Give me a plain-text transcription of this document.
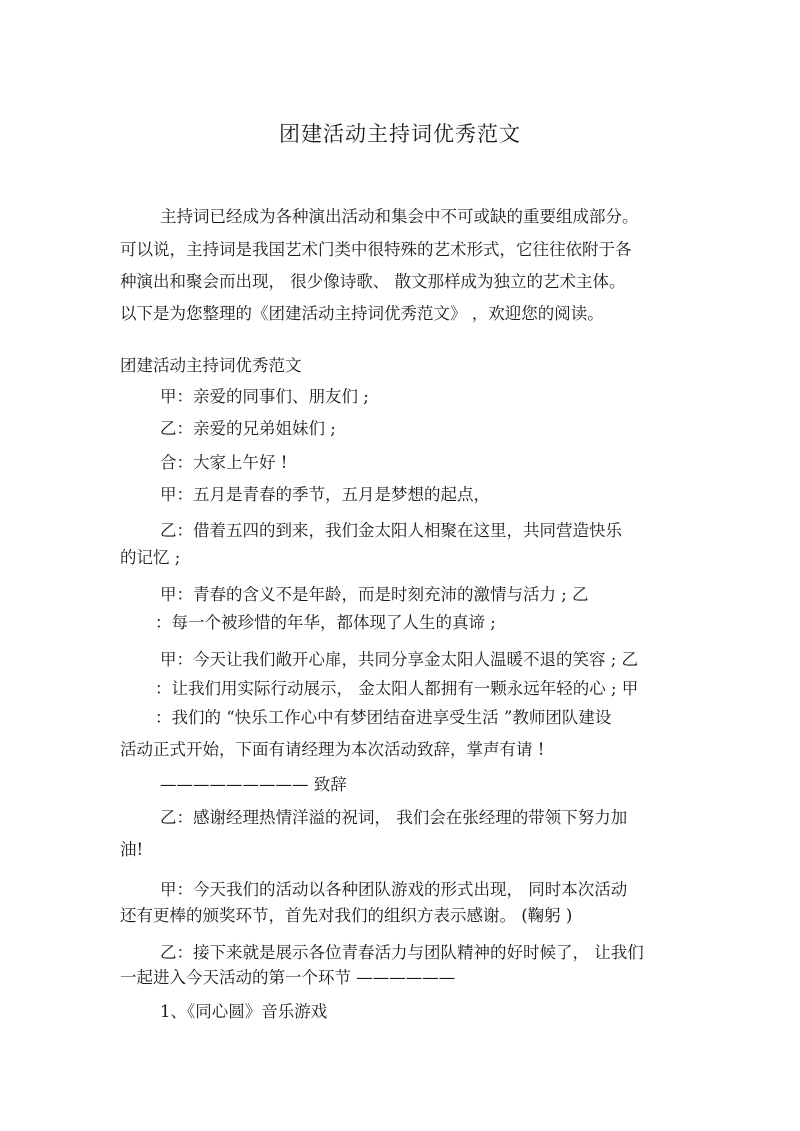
团建活动主持词优秀范文
主持词已经成为各种演出活动和集会中不可或缺的重要组成部分。
可以说，主持词是我国艺术门类中很特殊的艺术形式，它往往依附于各
种演出和聚会而出现， 很少像诗歌、 散文那样成为独立的艺术主体。
以下是为您整理的《团建活动主持词优秀范文》 ，欢迎您的阅读。
团建活动主持词优秀范文
甲：亲爱的同事们、朋友们 ;
乙：亲爱的兄弟姐妹们 ;
合：大家上午好 !
甲：五月是青春的季节，五月是梦想的起点，
乙：借着五四的到来，我们金太阳人相聚在这里，共同营造快乐
的记忆 ;
甲：青春的含义不是年龄，而是时刻充沛的激情与活力 ; 乙
：每一个被珍惜的年华，都体现了人生的真谛 ;
甲：今天让我们敞开心扉，共同分享金太阳人温暖不退的笑容 ; 乙
：让我们用实际行动展示， 金太阳人都拥有一颗永远年轻的心 ; 甲
：我们的 “快乐工作心中有梦团结奋进享受生活 ”教师团队建设
活动正式开始，下面有请经理为本次活动致辞，掌声有请 !
————————— 致辞
乙：感谢经理热情洋溢的祝词， 我们会在张经理的带领下努力加
油!
甲：今天我们的活动以各种团队游戏的形式出现， 同时本次活动
还有更棒的颁奖环节，首先对我们的组织方表示感谢。 (鞠躬 )
乙：接下来就是展示各位青春活力与团队精神的好时候了， 让我们
一起进入今天活动的第一个环节 ——————
1、《同心圆》音乐游戏
